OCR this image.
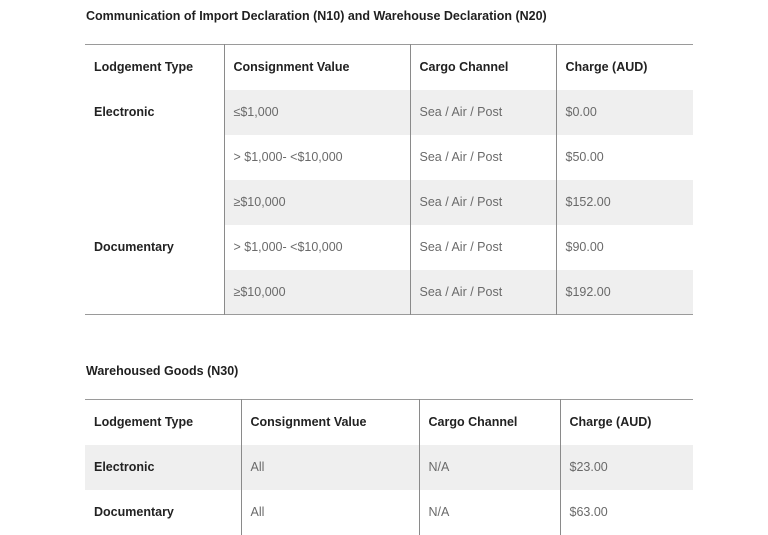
Communication of Import Declaration (N10) and Warehouse Declaration (N20)
Lodgement Type	Consignment Value	Cargo Channel	Charge (AUD)
Electronic	≤$1,000	Sea / Air / Post	$0.00
	> $1,000- <$10,000	Sea / Air / Post	$50.00
	≥$10,000	Sea / Air / Post	$152.00
Documentary	> $1,000- <$10,000	Sea / Air / Post	$90.00
	≥$10,000	Sea / Air / Post	$192.00
Warehoused Goods (N30)
Lodgement Type	Consignment Value	Cargo Channel	Charge (AUD)
Electronic	All	N/A	$23.00
Documentary	All	N/A	$63.00
